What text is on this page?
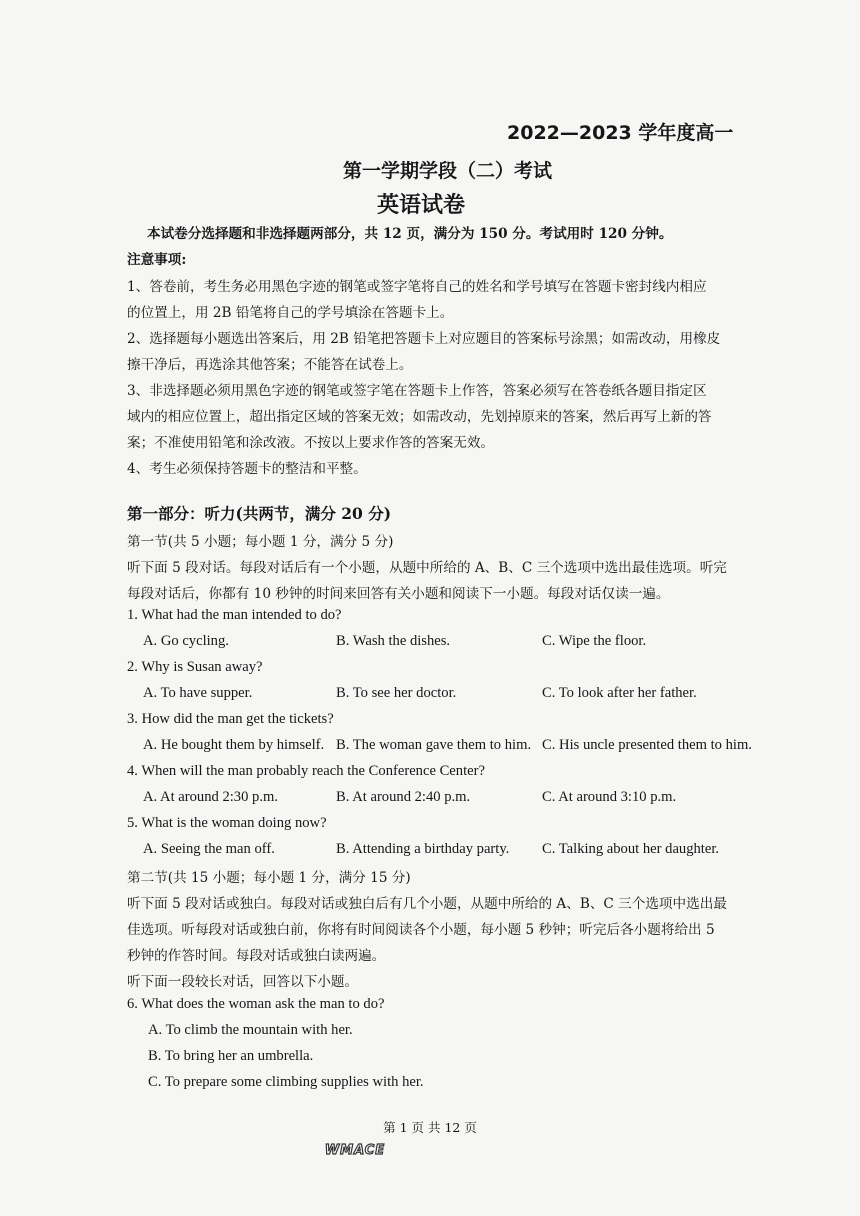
2022—2023 学年度高一
第一学期学段（二）考试
英语试卷
本试卷分选择题和非选择题两部分，共 12 页，满分为 150 分。考试用时 120 分钟。
注意事项:
1、答卷前，考生务必用黑色字迹的钢笔或签字笔将自己的姓名和学号填写在答题卡密封线内相应
的位置上，用 2B 铅笔将自己的学号填涂在答题卡上。
2、选择题每小题选出答案后，用 2B 铅笔把答题卡上对应题目的答案标号涂黑；如需改动，用橡皮
擦干净后，再选涂其他答案；不能答在试卷上。
3、非选择题必须用黑色字迹的钢笔或签字笔在答题卡上作答，答案必须写在答卷纸各题目指定区
域内的相应位置上，超出指定区域的答案无效；如需改动，先划掉原来的答案，然后再写上新的答
案；不准使用铅笔和涂改液。不按以上要求作答的答案无效。
4、考生必须保持答题卡的整洁和平整。
第一部分：听力(共两节，满分 20 分)
第一节(共 5 小题；每小题 1 分，满分 5 分)
听下面 5 段对话。每段对话后有一个小题，从题中所给的 A、B、C 三个选项中选出最佳选项。听完
每段对话后，你都有 10 秒钟的时间来回答有关小题和阅读下一小题。每段对话仅读一遍。
1. What had the man intended to do?
A. Go cycling.	B. Wash the dishes.	C. Wipe the floor.
2. Why is Susan away?
A. To have supper.	B. To see her doctor.	C. To look after her father.
3. How did the man get the tickets?
A. He bought them by himself. B. The woman gave them to him. C. His uncle presented them to him.
4. When will the man probably reach the Conference Center?
A. At around 2:30 p.m.	B. At around 2:40 p.m.	C. At around 3:10 p.m.
5. What is the woman doing now?
A. Seeing the man off.	B. Attending a birthday party. C. Talking about her daughter.
第二节(共 15 小题；每小题 1 分，满分 15 分)
听下面 5 段对话或独白。每段对话或独白后有几个小题，从题中所给的 A、B、C 三个选项中选出最
佳选项。听每段对话或独白前，你将有时间阅读各个小题，每小题 5 秒钟；听完后各小题将给出 5
秒钟的作答时间。每段对话或独白读两遍。
听下面一段较长对话，回答以下小题。
6. What does the woman ask the man to do?
A. To climb the mountain with her.
B. To bring her an umbrella.
C. To prepare some climbing supplies with her.
第 1 页 共 12 页
WMACE
